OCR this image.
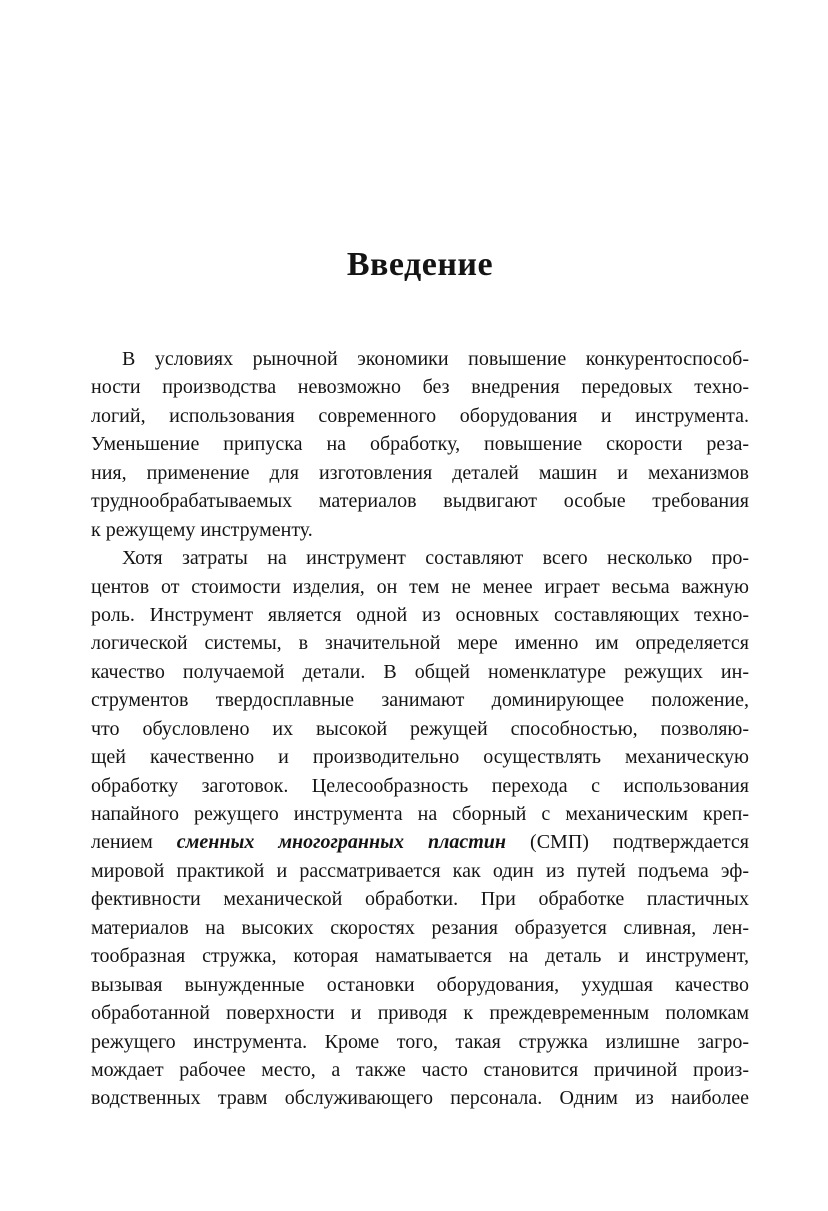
Введение
В условиях рыночной экономики повышение конкурентоспособ-
ности производства невозможно без внедрения передовых техно-
логий, использования современного оборудования и инструмента.
Уменьшение припуска на обработку, повышение скорости реза-
ния, применение для изготовления деталей машин и механизмов
труднообрабатываемых материалов выдвигают особые требования
к режущему инструменту.
Хотя затраты на инструмент составляют всего несколько про-
центов от стоимости изделия, он тем не менее играет весьма важную
роль. Инструмент является одной из основных составляющих техно-
логической системы, в значительной мере именно им определяется
качество получаемой детали. В общей номенклатуре режущих ин-
струментов твердосплавные занимают доминирующее положение,
что обусловлено их высокой режущей способностью, позволяю-
щей качественно и производительно осуществлять механическую
обработку заготовок. Целесообразность перехода с использования
напайного режущего инструмента на сборный с механическим креп-
лением сменных многогранных пластин (СМП) подтверждается
мировой практикой и рассматривается как один из путей подъема эф-
фективности механической обработки. При обработке пластичных
материалов на высоких скоростях резания образуется сливная, лен-
тообразная стружка, которая наматывается на деталь и инструмент,
вызывая вынужденные остановки оборудования, ухудшая качество
обработанной поверхности и приводя к преждевременным поломкам
режущего инструмента. Кроме того, такая стружка излишне загро-
мождает рабочее место, а также часто становится причиной произ-
водственных травм обслуживающего персонала. Одним из наиболее
